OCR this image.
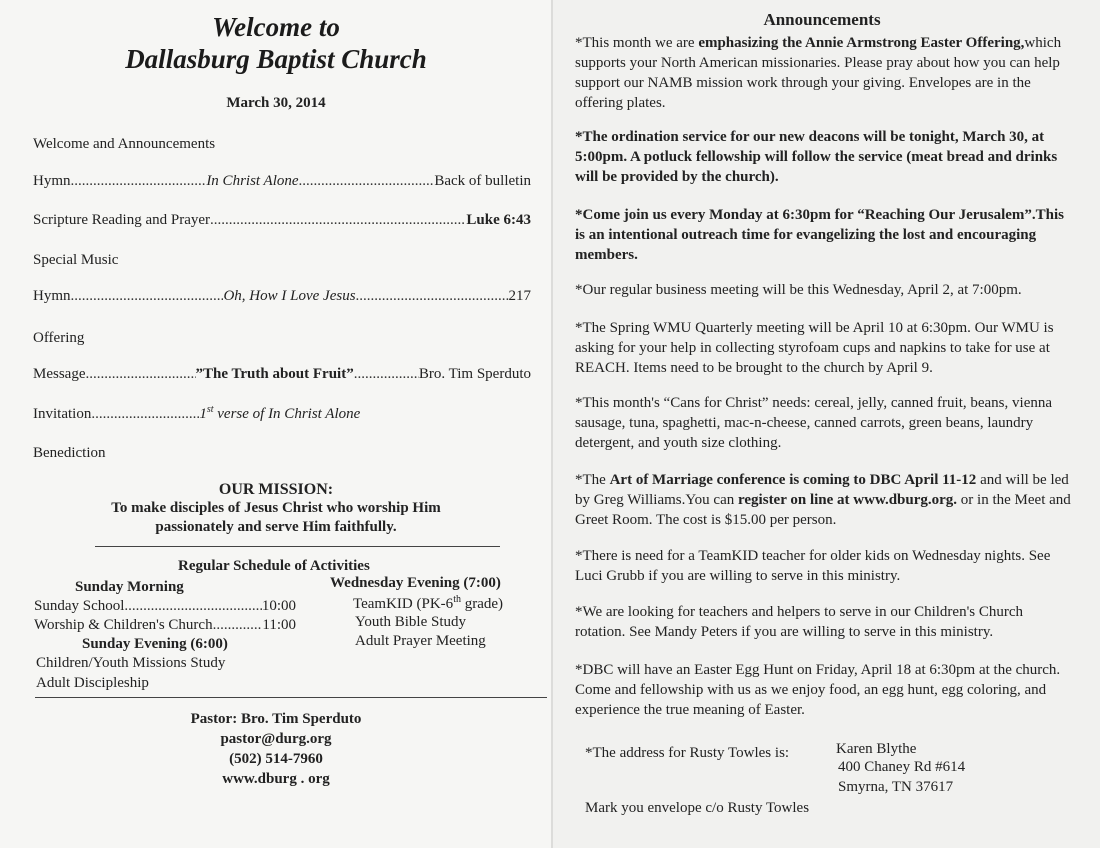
Welcome to
Dallasburg Baptist Church
March 30, 2014
Welcome and Announcements
Hymn .....	In Christ Alone .....	Back of bulletin
Scripture Reading and Prayer .....	Luke 6:43
Special Music
Hymn .....	Oh, How I Love Jesus .....	217
Offering
Message .....	”The Truth about Fruit” .....	Bro. Tim Sperduto
Invitation .....	1st verse of In Christ Alone
Benediction
OUR MISSION:
To make disciples of Jesus Christ who worship Him
passionately and serve Him faithfully.
Regular Schedule of Activities
Sunday Morning
Sunday School .....	10:00
Worship & Children's Church .....	11:00
Sunday Evening (6:00)
Children/Youth Missions Study
Adult Discipleship
Wednesday Evening (7:00)
TeamKID (PK-6th grade)
Youth Bible Study
Adult Prayer Meeting
Pastor: Bro. Tim Sperduto
pastor@durg.org
(502) 514-7960
www.dburg . org
Announcements
*This month we are emphasizing the Annie Armstrong Easter Offering,which supports your North American missionaries. Please pray about how you can help support our NAMB mission work through your giving. Envelopes are in the offering plates.
*The ordination service for our new deacons will be tonight, March 30, at 5:00pm. A potluck fellowship will follow the service (meat bread and drinks will be provided by the church).
*Come join us every Monday at 6:30pm for “Reaching Our Jerusalem”.This is an intentional outreach time for evangelizing the lost and encouraging members.
*Our regular business meeting will be this Wednesday, April 2, at 7:00pm.
*The Spring WMU Quarterly meeting will be April 10 at 6:30pm. Our WMU is asking for your help in collecting styrofoam cups and napkins to take for use at REACH. Items need to be brought to the church by April 9.
*This month's “Cans for Christ” needs: cereal, jelly, canned fruit, beans, vienna sausage, tuna, spaghetti, mac-n-cheese, canned carrots, green beans, laundry detergent, and youth size clothing.
*The Art of Marriage conference is coming to DBC April 11-12 and will be led by Greg Williams.You can register on line at www.dburg.org. or in the Meet and Greet Room. The cost is $15.00 per person.
*There is need for a TeamKID teacher for older kids on Wednesday nights. See Luci Grubb if you are willing to serve in this ministry.
*We are looking for teachers and helpers to serve in our Children's Church rotation. See Mandy Peters if you are willing to serve in this ministry.
*DBC will have an Easter Egg Hunt on Friday, April 18 at 6:30pm at the church. Come and fellowship with us as we enjoy food, an egg hunt, egg coloring, and experience the true meaning of Easter.
*The address for Rusty Towles is:	Karen Blythe
400 Chaney Rd #614
Smyrna, TN 37617
Mark you envelope c/o Rusty Towles
